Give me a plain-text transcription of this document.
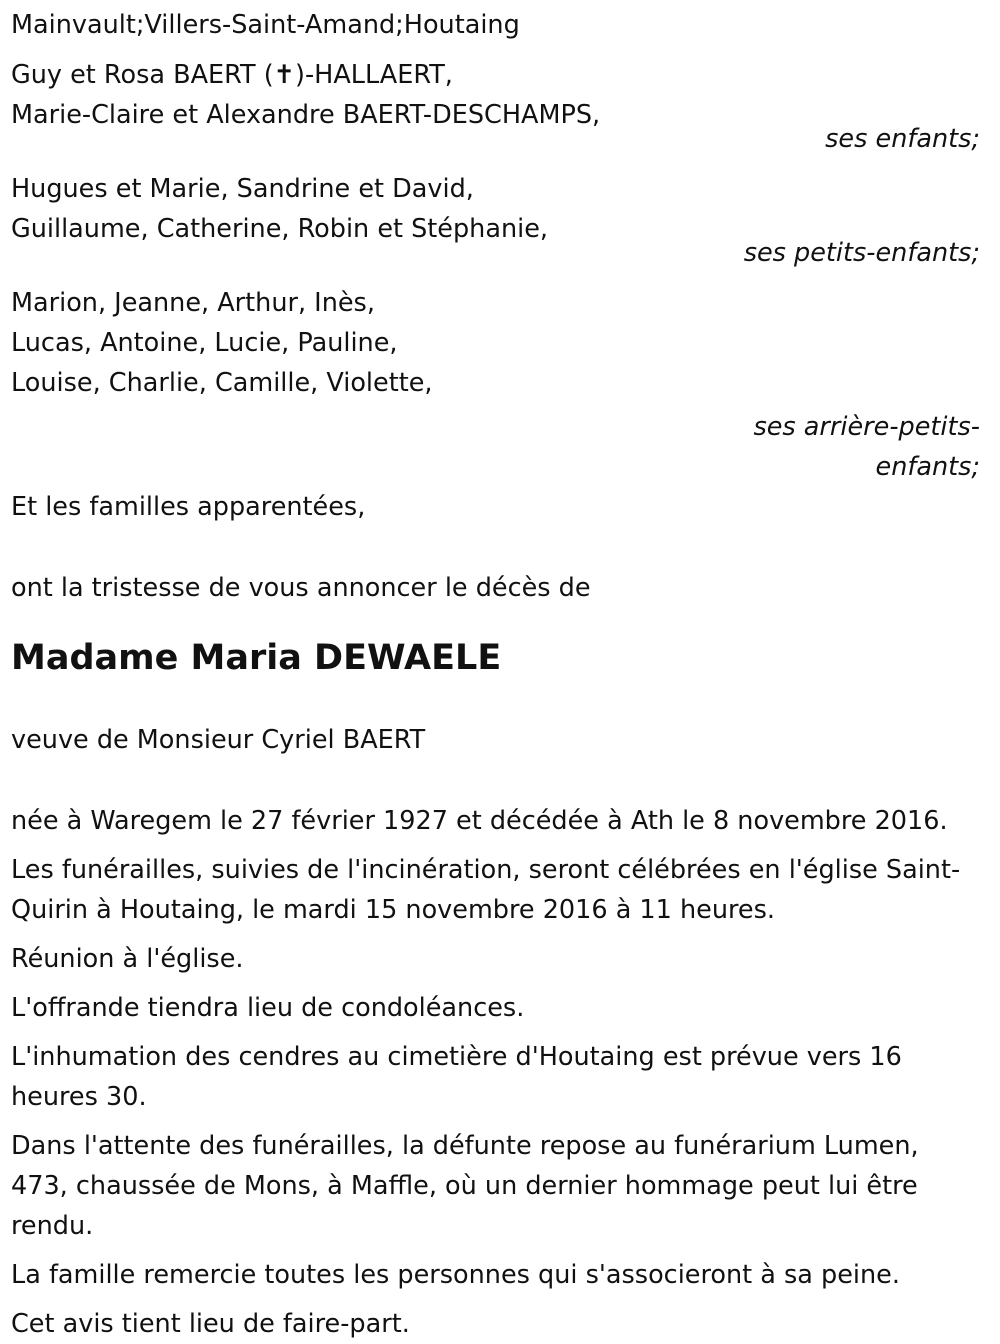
Mainvault;Villers-Saint-Amand;Houtaing
Guy et Rosa BAERT (✝)-HALLAERT,
Marie-Claire et Alexandre BAERT-DESCHAMPS,
ses enfants;
Hugues et Marie, Sandrine et David,
Guillaume, Catherine, Robin et Stéphanie,
ses petits-enfants;
Marion, Jeanne, Arthur, Inès,
Lucas, Antoine, Lucie, Pauline,
Louise, Charlie, Camille, Violette,
ses arrière-petits-
enfants;
Et les familles apparentées,
ont la tristesse de vous annoncer le décès de
Madame Maria DEWAELE
veuve de Monsieur Cyriel BAERT
née à Waregem le 27 février 1927 et décédée à Ath le 8 novembre 2016.
Les funérailles, suivies de l'incinération, seront célébrées en l'église Saint-
Quirin à Houtaing, le mardi 15 novembre 2016 à 11 heures.
Réunion à l'église.
L'offrande tiendra lieu de condoléances.
L'inhumation des cendres au cimetière d'Houtaing est prévue vers 16
heures 30.
Dans l'attente des funérailles, la défunte repose au funérarium Lumen,
473, chaussée de Mons, à Maffle, où un dernier hommage peut lui être
rendu.
La famille remercie toutes les personnes qui s'associeront à sa peine.
Cet avis tient lieu de faire-part.
